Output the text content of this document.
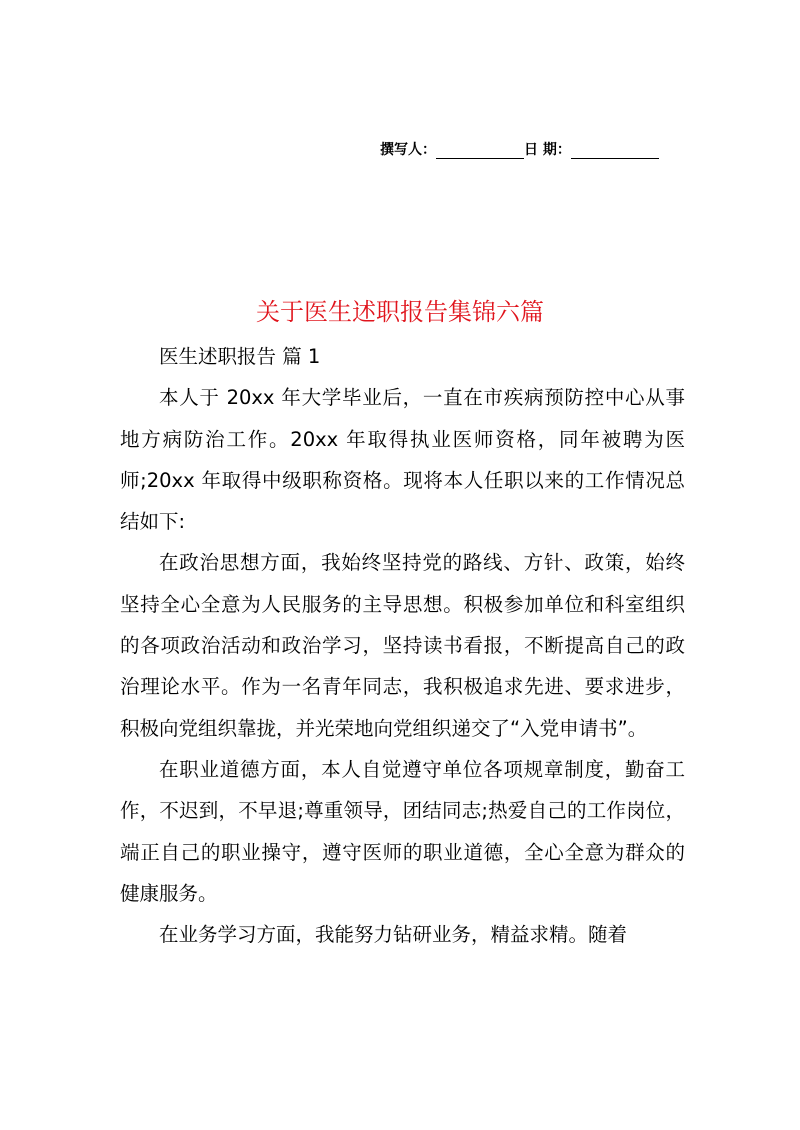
撰写人：	日 期：
关于医生述职报告集锦六篇

医生述职报告 篇 1

本人于 20xx 年大学毕业后，一直在市疾病预防控中心从事地方病防治工作。20xx 年取得执业医师资格，同年被聘为医师;20xx 年取得中级职称资格。现将本人任职以来的工作情况总结如下:

在政治思想方面，我始终坚持党的路线、方针、政策，始终坚持全心全意为人民服务的主导思想。积极参加单位和科室组织的各项政治活动和政治学习，坚持读书看报，不断提高自己的政治理论水平。作为一名青年同志，我积极追求先进、要求进步，积极向党组织靠拢，并光荣地向党组织递交了“入党申请书”。

在职业道德方面，本人自觉遵守单位各项规章制度，勤奋工作，不迟到，不早退;尊重领导，团结同志;热爱自己的工作岗位，端正自己的职业操守，遵守医师的职业道德，全心全意为群众的健康服务。

在业务学习方面，我能努力钻研业务，精益求精。随着
